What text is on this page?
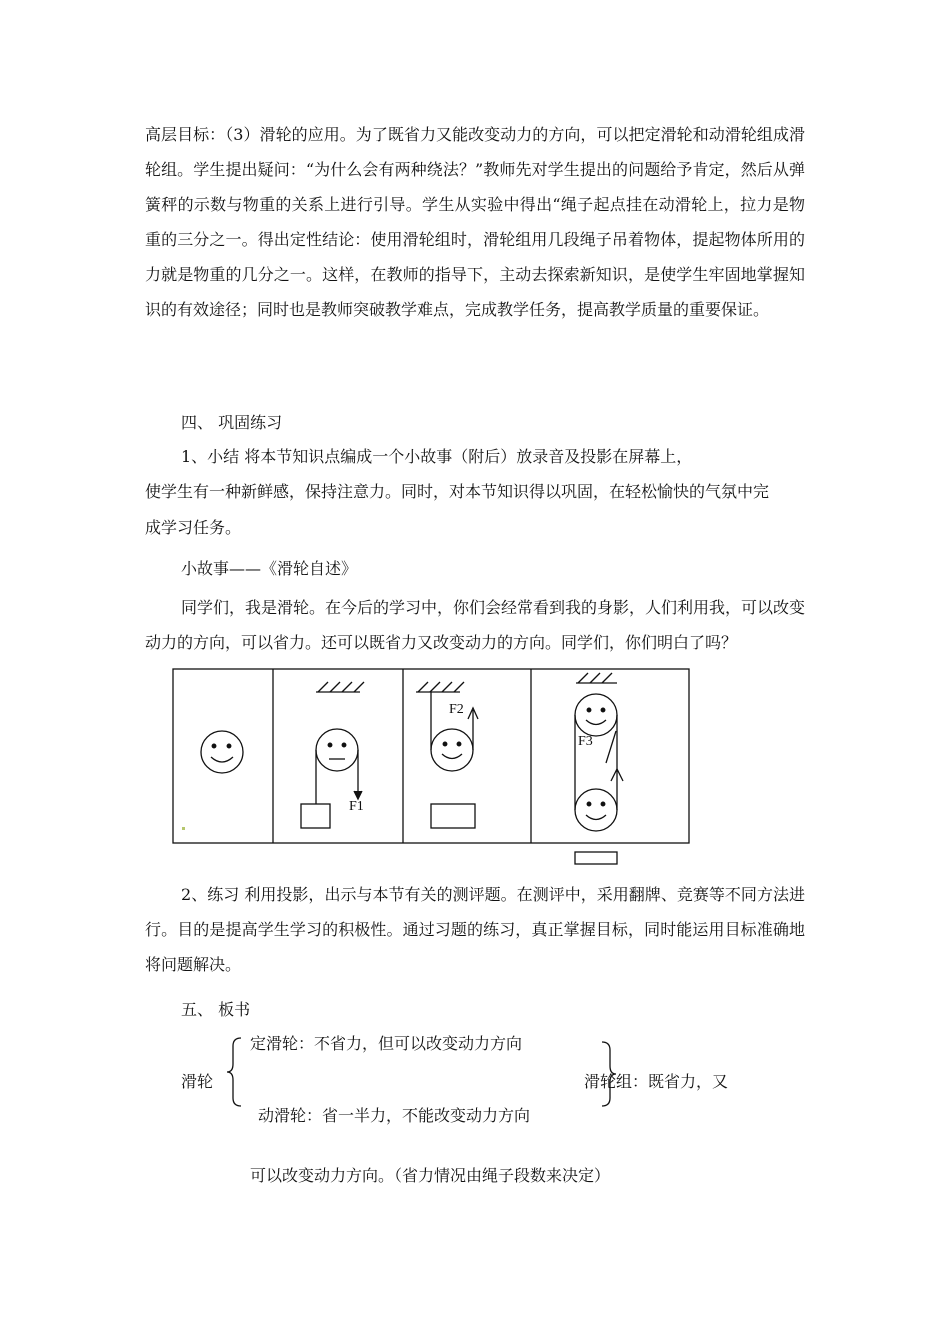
高层目标：（3）滑轮的应用。为了既省力又能改变动力的方向，可以把定滑轮和动滑轮组成滑轮组。学生提出疑问：“为什么会有两种绕法？”教师先对学生提出的问题给予肯定，然后从弹簧秤的示数与物重的关系上进行引导。学生从实验中得出“绳子起点挂在动滑轮上，拉力是物重的三分之一。得出定性结论：使用滑轮组时，滑轮组用几段绳子吊着物体，提起物体所用的力就是物重的几分之一。这样，在教师的指导下，主动去探索新知识，是使学生牢固地掌握知识的有效途径；同时也是教师突破教学难点，完成教学任务，提高教学质量的重要保证。
四、 巩固练习
1、小结 将本节知识点编成一个小故事（附后）放录音及投影在屏幕上，
使学生有一种新鲜感，保持注意力。同时，对本节知识得以巩固，在轻松愉快的气氛中完
成学习任务。
小故事——《滑轮自述》
同学们，我是滑轮。在今后的学习中，你们会经常看到我的身影，人们利用我，可以改变动力的方向，可以省力。还可以既省力又改变动力的方向。同学们，你们明白了吗？
F1
F2
F3
2、练习 利用投影，出示与本节有关的测评题。在测评中，采用翻牌、竞赛等不同方法进行。目的是提高学生学习的积极性。通过习题的练习，真正掌握目标，同时能运用目标准确地将问题解决。
五、 板书
滑轮
定滑轮：不省力，但可以改变动力方向
动滑轮：省一半力，不能改变动力方向
滑轮组：既省力，又
可以改变动力方向。（省力情况由绳子段数来决定）
